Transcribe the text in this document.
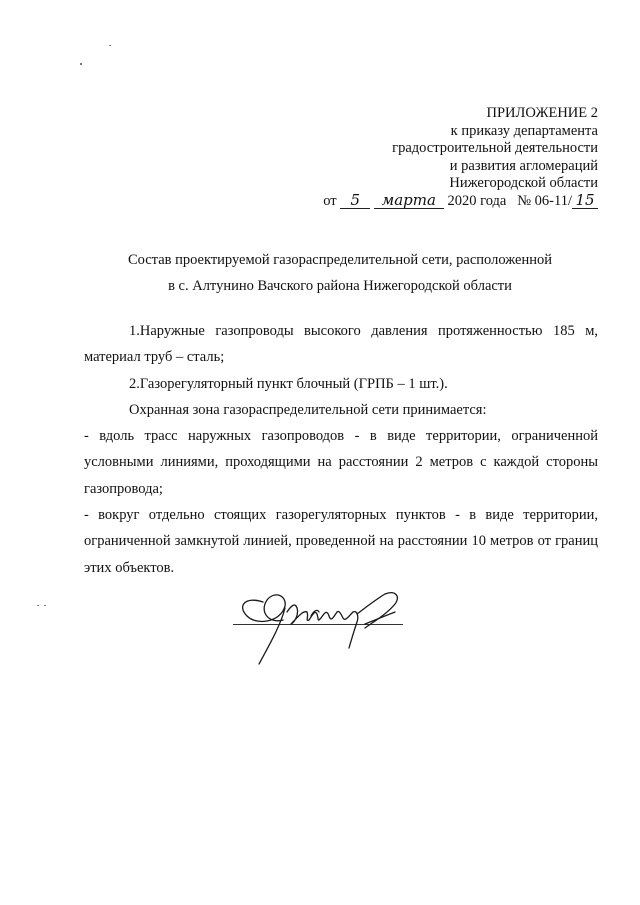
ПРИЛОЖЕНИЕ 2
к приказу департамента
градостроительной деятельности
и развития агломераций
Нижегородской области
от 5 марта 2020 года № 06-11/ 15
Состав проектируемой газораспределительной сети, расположенной
в с. Алтунино Вачского района Нижегородской области

1.Наружные газопроводы высокого давления протяженностью 185 м, материал труб – сталь;

2.Газорегуляторный пункт блочный (ГРПБ – 1 шт.).

Охранная зона газораспределительной сети принимается:

- вдоль трасс наружных газопроводов - в виде территории, ограниченной условными линиями, проходящими на расстоянии 2 метров с каждой стороны газопровода;

- вокруг отдельно стоящих газорегуляторных пунктов - в виде территории, ограниченной замкнутой линией, проведенной на расстоянии 10 метров от границ этих объектов.
